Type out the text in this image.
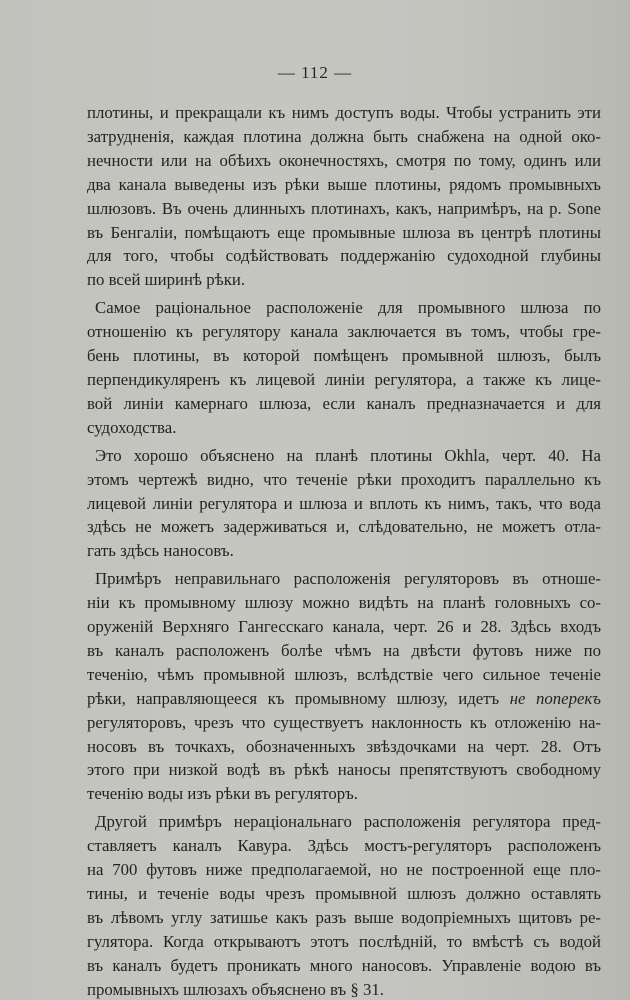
— 112 —
плотины, и прекращали къ нимъ доступъ воды. Чтобы устранить эти
затрудненія, каждая плотина должна быть снабжена на одной око-
нечности или на обѣихъ оконечностяхъ, смотря по тому, одинъ или
два канала выведены изъ рѣки выше плотины, рядомъ промывныхъ
шлюзовъ. Въ очень длинныхъ плотинахъ, какъ, напримѣръ, на р. Sone
въ Бенгаліи, помѣщаютъ еще промывные шлюза въ центрѣ плотины
для того, чтобы содѣйствовать поддержанію судоходной глубины
по всей ширинѣ рѣки.
Самое раціональное расположеніе для промывного шлюза по
отношенію къ регулятору канала заключается въ томъ, чтобы гре-
бень плотины, въ которой помѣщенъ промывной шлюзъ, былъ
перпендикуляренъ къ лицевой линіи регулятора, а также къ лице-
вой линіи камернаго шлюза, если каналъ предназначается и для
судоходства.
Это хорошо объяснено на планѣ плотины Okhla, черт. 40. На
этомъ чертежѣ видно, что теченіе рѣки проходитъ параллельно къ
лицевой линіи регулятора и шлюза и вплоть къ нимъ, такъ, что вода
здѣсь не можетъ задерживаться и, слѣдовательно, не можетъ отла-
гать здѣсь наносовъ.
Примѣръ неправильнаго расположенія регуляторовъ въ отноше-
ніи къ промывному шлюзу можно видѣть на планѣ головныхъ со-
оруженій Верхняго Гангесскаго канала, черт. 26 и 28. Здѣсь входъ
въ каналъ расположенъ болѣе чѣмъ на двѣсти футовъ ниже по
теченію, чѣмъ промывной шлюзъ, вслѣдствіе чего сильное теченіе
рѣки, направляющееся къ промывному шлюзу, идетъ не поперекъ
регуляторовъ, чрезъ что существуетъ наклонность къ отложенію на-
носовъ въ точкахъ, обозначенныхъ звѣздочками на черт. 28. Отъ
этого при низкой водѣ въ рѣкѣ наносы препятствуютъ свободному
теченію воды изъ рѣки въ регуляторъ.
Другой примѣръ нераціональнаго расположенія регулятора пред-
ставляетъ каналъ Кавура. Здѣсь мостъ-регуляторъ расположенъ
на 700 футовъ ниже предполагаемой, но не построенной еще пло-
тины, и теченіе воды чрезъ промывной шлюзъ должно оставлять
въ лѣвомъ углу затишье какъ разъ выше водопріемныхъ щитовъ ре-
гулятора. Когда открываютъ этотъ послѣдній, то вмѣстѣ съ водой
въ каналъ будетъ проникать много наносовъ. Управленіе водою въ
промывныхъ шлюзахъ объяснено въ § 31.
